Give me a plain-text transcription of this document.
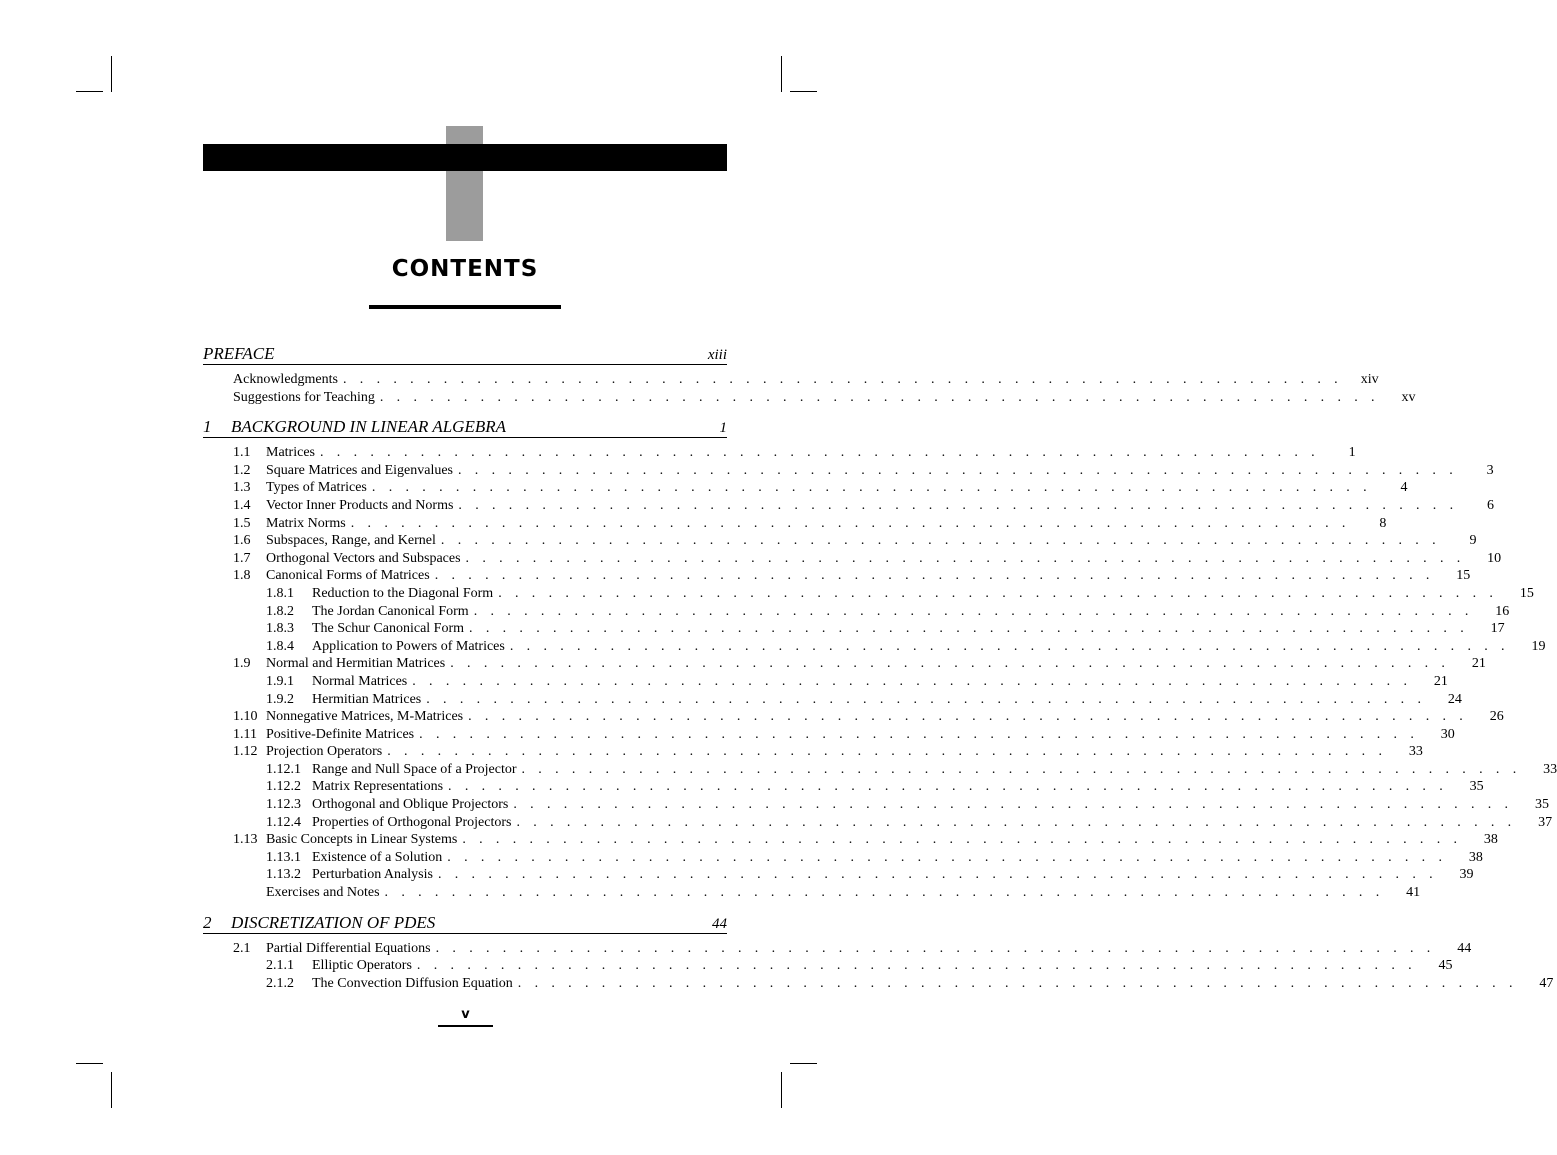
CONTENTS
PREFACE	xiii
Acknowledgments . . . . . . . . . . . . . . . . . . . . . . . . . . . . . . . . . . . . . . . . . . . . . . . . . . . . . . . . . . . .	xiv
Suggestions for Teaching . . . . . . . . . . . . . . . . . . . . . . . . . . . . . . . . . . . . . . . . . . . . . . . . . . . . . . . . . . . .	xv
1	BACKGROUND IN LINEAR ALGEBRA	1
1.1	Matrices . . . . . . . . . . . . . . . . . . . . . . . . . . . . . . . . . . . . . . . . . . . . . . . . . . . . . . . . . . . .	1
1.2	Square Matrices and Eigenvalues . . . . . . . . . . . . . . . . . . . . . . . . . . . . . . . . . . . . . . . . . . . . . . . . . . . . . . . . . . . .	3
1.3	Types of Matrices . . . . . . . . . . . . . . . . . . . . . . . . . . . . . . . . . . . . . . . . . . . . . . . . . . . . . . . . . . . .	4
1.4	Vector Inner Products and Norms . . . . . . . . . . . . . . . . . . . . . . . . . . . . . . . . . . . . . . . . . . . . . . . . . . . . . . . . . . . .	6
1.5	Matrix Norms . . . . . . . . . . . . . . . . . . . . . . . . . . . . . . . . . . . . . . . . . . . . . . . . . . . . . . . . . . . .	8
1.6	Subspaces, Range, and Kernel . . . . . . . . . . . . . . . . . . . . . . . . . . . . . . . . . . . . . . . . . . . . . . . . . . . . . . . . . . . .	9
1.7	Orthogonal Vectors and Subspaces . . . . . . . . . . . . . . . . . . . . . . . . . . . . . . . . . . . . . . . . . . . . . . . . . . . . . . . . . . . .	10
1.8	Canonical Forms of Matrices . . . . . . . . . . . . . . . . . . . . . . . . . . . . . . . . . . . . . . . . . . . . . . . . . . . . . . . . . . . .	15
1.8.1	Reduction to the Diagonal Form . . . . . . . . . . . . . . . . . . . . . . . . . . . . . . . . . . . . . . . . . . . . . . . . . . . . . . . . . . . .	15
1.8.2	The Jordan Canonical Form . . . . . . . . . . . . . . . . . . . . . . . . . . . . . . . . . . . . . . . . . . . . . . . . . . . . . . . . . . . .	16
1.8.3	The Schur Canonical Form . . . . . . . . . . . . . . . . . . . . . . . . . . . . . . . . . . . . . . . . . . . . . . . . . . . . . . . . . . . .	17
1.8.4	Application to Powers of Matrices . . . . . . . . . . . . . . . . . . . . . . . . . . . . . . . . . . . . . . . . . . . . . . . . . . . . . . . . . . . .	19
1.9	Normal and Hermitian Matrices . . . . . . . . . . . . . . . . . . . . . . . . . . . . . . . . . . . . . . . . . . . . . . . . . . . . . . . . . . . .	21
1.9.1	Normal Matrices . . . . . . . . . . . . . . . . . . . . . . . . . . . . . . . . . . . . . . . . . . . . . . . . . . . . . . . . . . . .	21
1.9.2	Hermitian Matrices . . . . . . . . . . . . . . . . . . . . . . . . . . . . . . . . . . . . . . . . . . . . . . . . . . . . . . . . . . . .	24
1.10 Nonnegative Matrices, M-Matrices . . . . . . . . . . . . . . . . . . . . . . . . . . . . . . . . . . . . . . . . . . . . . . . . . . . . . . . . . . . .	26
1.11 Positive-Definite Matrices . . . . . . . . . . . . . . . . . . . . . . . . . . . . . . . . . . . . . . . . . . . . . . . . . . . . . . . . . . . .	30
1.12 Projection Operators . . . . . . . . . . . . . . . . . . . . . . . . . . . . . . . . . . . . . . . . . . . . . . . . . . . . . . . . . . . .	33
1.12.1 Range and Null Space of a Projector . . . . . . . . . . . . . . . . . . . . . . . . . . . . . . . . . . . . . . . . . . . . . . . . . . . . . . . . . . . .	33
1.12.2 Matrix Representations . . . . . . . . . . . . . . . . . . . . . . . . . . . . . . . . . . . . . . . . . . . . . . . . . . . . . . . . . . . .	35
1.12.3 Orthogonal and Oblique Projectors . . . . . . . . . . . . . . . . . . . . . . . . . . . . . . . . . . . . . . . . . . . . . . . . . . . . . . . . . . . .	35
1.12.4 Properties of Orthogonal Projectors . . . . . . . . . . . . . . . . . . . . . . . . . . . . . . . . . . . . . . . . . . . . . . . . . . . . . . . . . . . .	37
1.13 Basic Concepts in Linear Systems . . . . . . . . . . . . . . . . . . . . . . . . . . . . . . . . . . . . . . . . . . . . . . . . . . . . . . . . . . . .	38
1.13.1 Existence of a Solution . . . . . . . . . . . . . . . . . . . . . . . . . . . . . . . . . . . . . . . . . . . . . . . . . . . . . . . . . . . .	38
1.13.2 Perturbation Analysis . . . . . . . . . . . . . . . . . . . . . . . . . . . . . . . . . . . . . . . . . . . . . . . . . . . . . . . . . . . .	39
Exercises and Notes . . . . . . . . . . . . . . . . . . . . . . . . . . . . . . . . . . . . . . . . . . . . . . . . . . . . . . . . . . . .	41
2	DISCRETIZATION OF PDES	44
2.1	Partial Differential Equations . . . . . . . . . . . . . . . . . . . . . . . . . . . . . . . . . . . . . . . . . . . . . . . . . . . . . . . . . . . .	44
2.1.1	Elliptic Operators . . . . . . . . . . . . . . . . . . . . . . . . . . . . . . . . . . . . . . . . . . . . . . . . . . . . . . . . . . . .	45
2.1.2	The Convection Diffusion Equation . . . . . . . . . . . . . . . . . . . . . . . . . . . . . . . . . . . . . . . . . . . . . . . . . . . . . . . . . . . .	47
v
